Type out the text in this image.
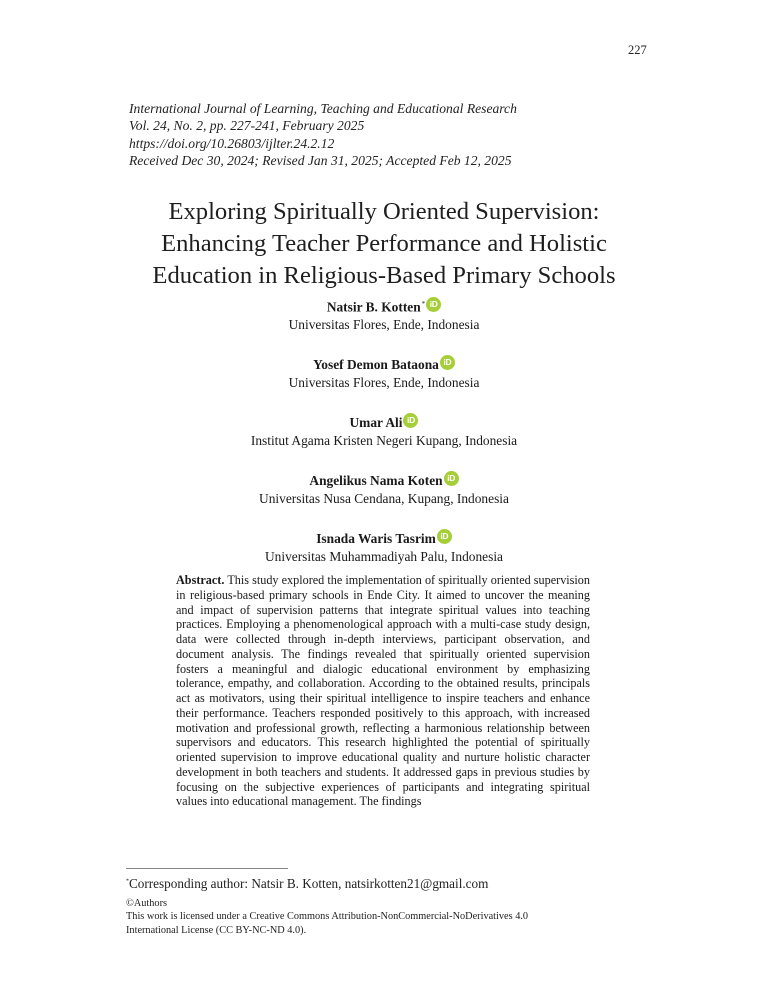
227
International Journal of Learning, Teaching and Educational Research
Vol. 24, No. 2, pp. 227-241, February 2025
https://doi.org/10.26803/ijlter.24.2.12
Received Dec 30, 2024; Revised Jan 31, 2025; Accepted Feb 12, 2025
Exploring Spiritually Oriented Supervision:
Enhancing Teacher Performance and Holistic
Education in Religious-Based Primary Schools
Natsir B. Kotten* iD
Universitas Flores, Ende, Indonesia
Yosef Demon Bataona iD
Universitas Flores, Ende, Indonesia
Umar Ali iD
Institut Agama Kristen Negeri Kupang, Indonesia
Angelikus Nama Koten iD
Universitas Nusa Cendana, Kupang, Indonesia
Isnada Waris Tasrim iD
Universitas Muhammadiyah Palu, Indonesia
Abstract. This study explored the implementation of spiritually oriented supervision in religious-based primary schools in Ende City. It aimed to uncover the meaning and impact of supervision patterns that integrate spiritual values into teaching practices. Employing a phenomenological approach with a multi-case study design, data were collected through in-depth interviews, participant observation, and document analysis. The findings revealed that spiritually oriented supervision fosters a meaningful and dialogic educational environment by emphasizing tolerance, empathy, and collaboration. According to the obtained results, principals act as motivators, using their spiritual intelligence to inspire teachers and enhance their performance. Teachers responded positively to this approach, with increased motivation and professional growth, reflecting a harmonious relationship between supervisors and educators. This research highlighted the potential of spiritually oriented supervision to improve educational quality and nurture holistic character development in both teachers and students. It addressed gaps in previous studies by focusing on the subjective experiences of participants and integrating spiritual values into educational management. The findings
*Corresponding author: Natsir B. Kotten, natsirkotten21@gmail.com
©Authors
This work is licensed under a Creative Commons Attribution-NonCommercial-NoDerivatives 4.0
International License (CC BY-NC-ND 4.0).
